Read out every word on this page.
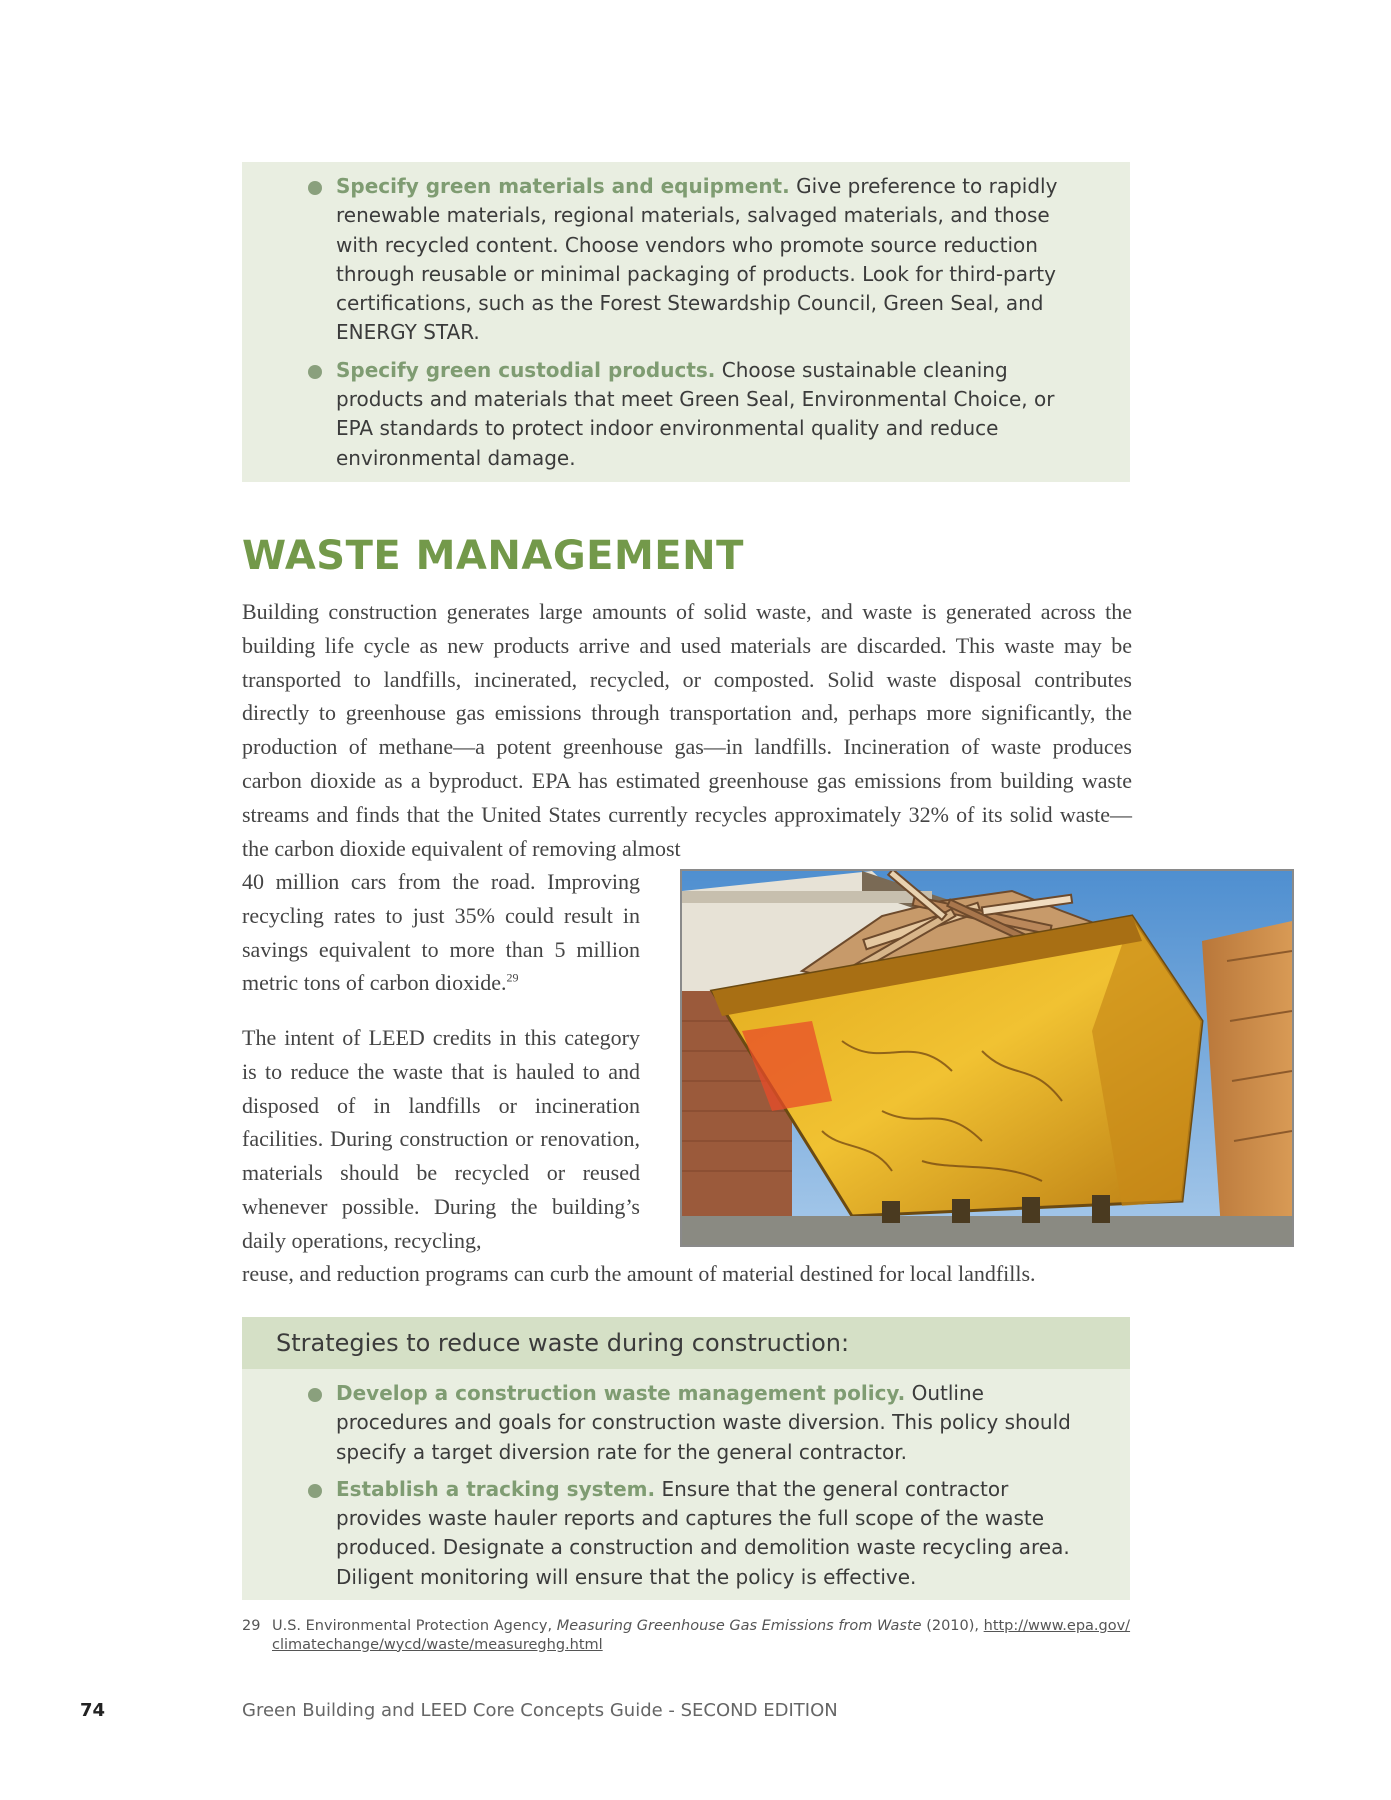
Specify green materials and equipment. Give preference to rapidly renewable materials, regional materials, salvaged materials, and those with recycled content. Choose vendors who promote source reduction through reusable or minimal packaging of products. Look for third-party certifications, such as the Forest Stewardship Council, Green Seal, and ENERGY STAR.
Specify green custodial products. Choose sustainable cleaning products and materials that meet Green Seal, Environmental Choice, or EPA standards to protect indoor environmental quality and reduce environmental damage.
WASTE MANAGEMENT
Building construction generates large amounts of solid waste, and waste is generated across the building life cycle as new products arrive and used materials are discarded. This waste may be transported to landfills, incinerated, recycled, or composted. Solid waste disposal contributes directly to greenhouse gas emissions through transportation and, perhaps more significantly, the production of methane—a potent greenhouse gas—in landfills. Incineration of waste produces carbon dioxide as a byproduct. EPA has estimated greenhouse gas emissions from building waste streams and finds that the United States currently recycles approximately 32% of its solid waste—the carbon dioxide equivalent of removing almost
40 million cars from the road. Improving recycling rates to just 35% could result in savings equivalent to more than 5 million metric tons of carbon dioxide.$^{29}$
The intent of LEED credits in this category is to reduce the waste that is hauled to and disposed of in landfills or incineration facilities. During construction or renovation, materials should be recycled or reused whenever possible. During the building’s daily operations, recycling,
reuse, and reduction programs can curb the amount of material destined for local landfills.
Strategies to reduce waste during construction:
Develop a construction waste management policy. Outline procedures and goals for construction waste diversion. This policy should specify a target diversion rate for the general contractor.
Establish a tracking system. Ensure that the general contractor provides waste hauler reports and captures the full scope of the waste produced. Designate a construction and demolition waste recycling area. Diligent monitoring will ensure that the policy is effective.
29 U.S. Environmental Protection Agency, Measuring Greenhouse Gas Emissions from Waste (2010), http://www.epa.gov/
climatechange/wycd/waste/measureghg.html
74	Green Building and LEED Core Concepts Guide - SECOND EDITION
